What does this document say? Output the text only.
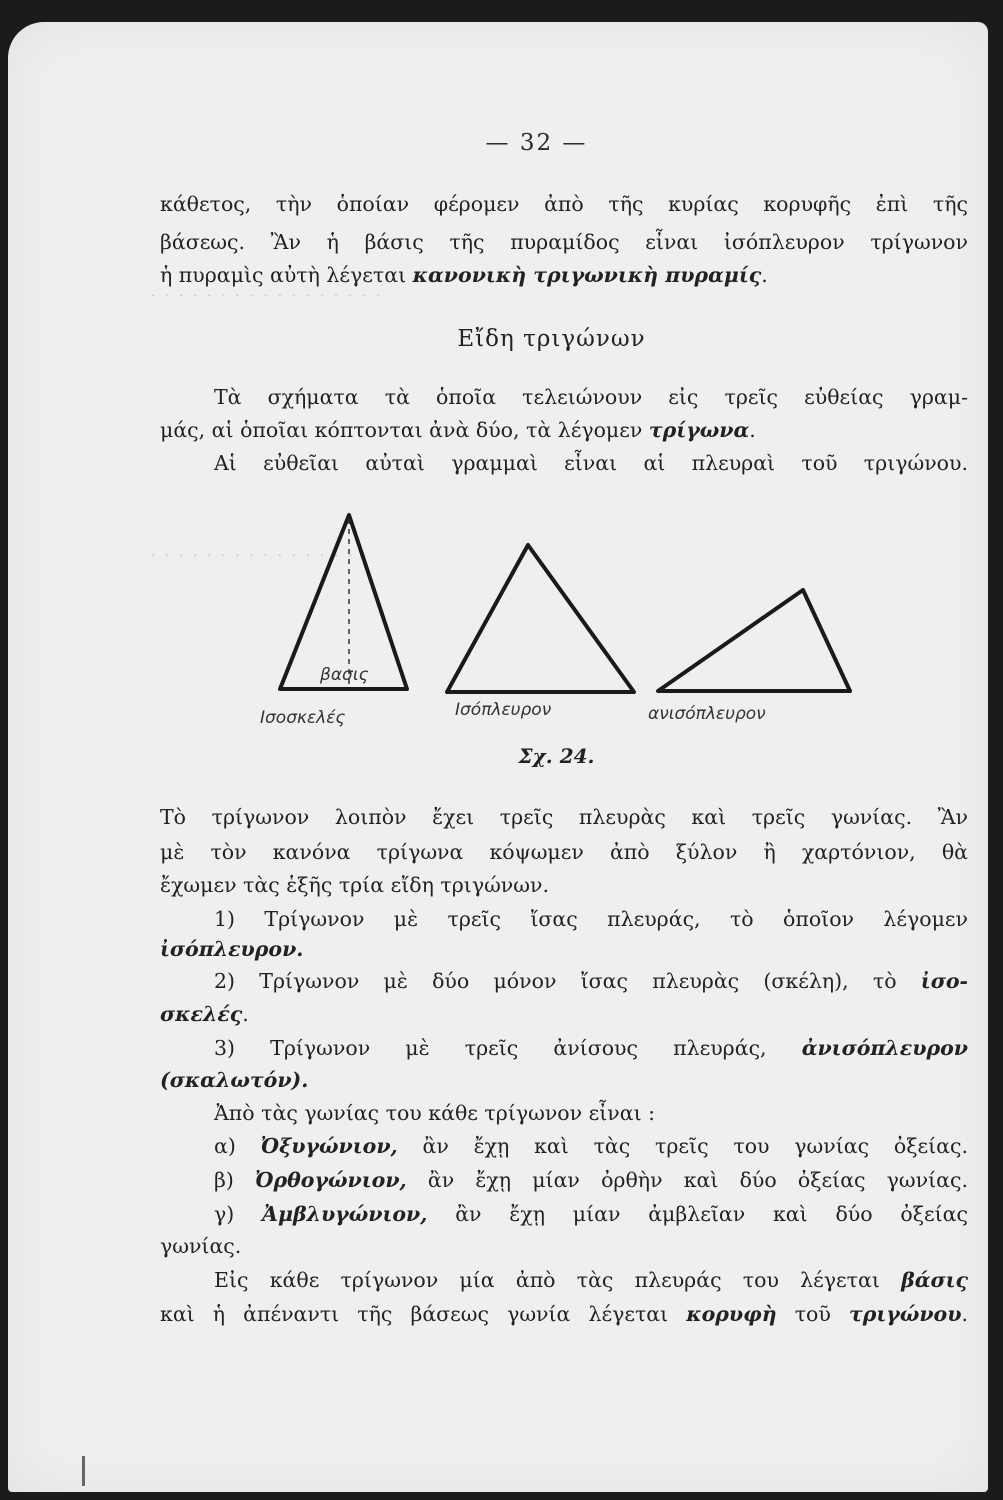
· · · · · · · · · · · · · · · · ·
· · · · · · · · · · · · · · · ·
— 32 —
κάθετος, τὴν ὁποίαν φέρομεν ἀπὸ τῆς κυρίας κορυφῆς ἐπὶ τῆς
βάσεως. Ἂν ἡ βάσις τῆς πυραμίδος εἶναι ἰσόπλευρον τρίγωνον
ἡ πυραμὶς αὐτὴ λέγεται κανονικὴ τριγωνικὴ πυραμίς.
Εἴδη τριγώνων
Τὰ σχήματα τὰ ὁποῖα τελειώνουν εἰς τρεῖς εὐθείας γραμ-
μάς, αἱ ὁποῖαι κόπτονται ἀνὰ δύο, τὰ λέγομεν τρίγωνα.
Αἱ εὐθεῖαι αὐταὶ γραμμαὶ εἶναι αἱ πλευραὶ τοῦ τριγώνου.
βασις
Ισοσκελές	Ισόπλευρον	ανισόπλευρον
Σχ. 24.
Τὸ τρίγωνον λοιπὸν ἔχει τρεῖς πλευρὰς καὶ τρεῖς γωνίας. Ἂν
μὲ τὸν κανόνα τρίγωνα κόψωμεν ἀπὸ ξύλον ἢ χαρτόνιον, θὰ
ἔχωμεν τὰς ἑξῆς τρία εἴδη τριγώνων.
1) Τρίγωνον μὲ τρεῖς ἴσας πλευράς, τὸ ὁποῖον λέγομεν
ἰσόπλευρον.
2) Τρίγωνον μὲ δύο μόνον ἴσας πλευρὰς (σκέλη), τὸ ἰσο-
σκελές.
3) Τρίγωνον μὲ τρεῖς ἀνίσους πλευράς, ἀνισόπλευρον
(σκαλωτόν).
Ἀπὸ τὰς γωνίας του κάθε τρίγωνον εἶναι :
α) Ὀξυγώνιον, ἂν ἔχῃ καὶ τὰς τρεῖς του γωνίας ὀξείας.
β) Ὀρθογώνιον, ἂν ἔχῃ μίαν ὀρθὴν καὶ δύο ὀξείας γωνίας.
γ) Ἀμβλυγώνιον, ἂν ἔχῃ μίαν ἀμβλεῖαν καὶ δύο ὀξείας
γωνίας.
Εἰς κάθε τρίγωνον μία ἀπὸ τὰς πλευράς του λέγεται βάσις
καὶ ἡ ἀπέναντι τῆς βάσεως γωνία λέγεται κορυφὴ τοῦ τριγώνου.
